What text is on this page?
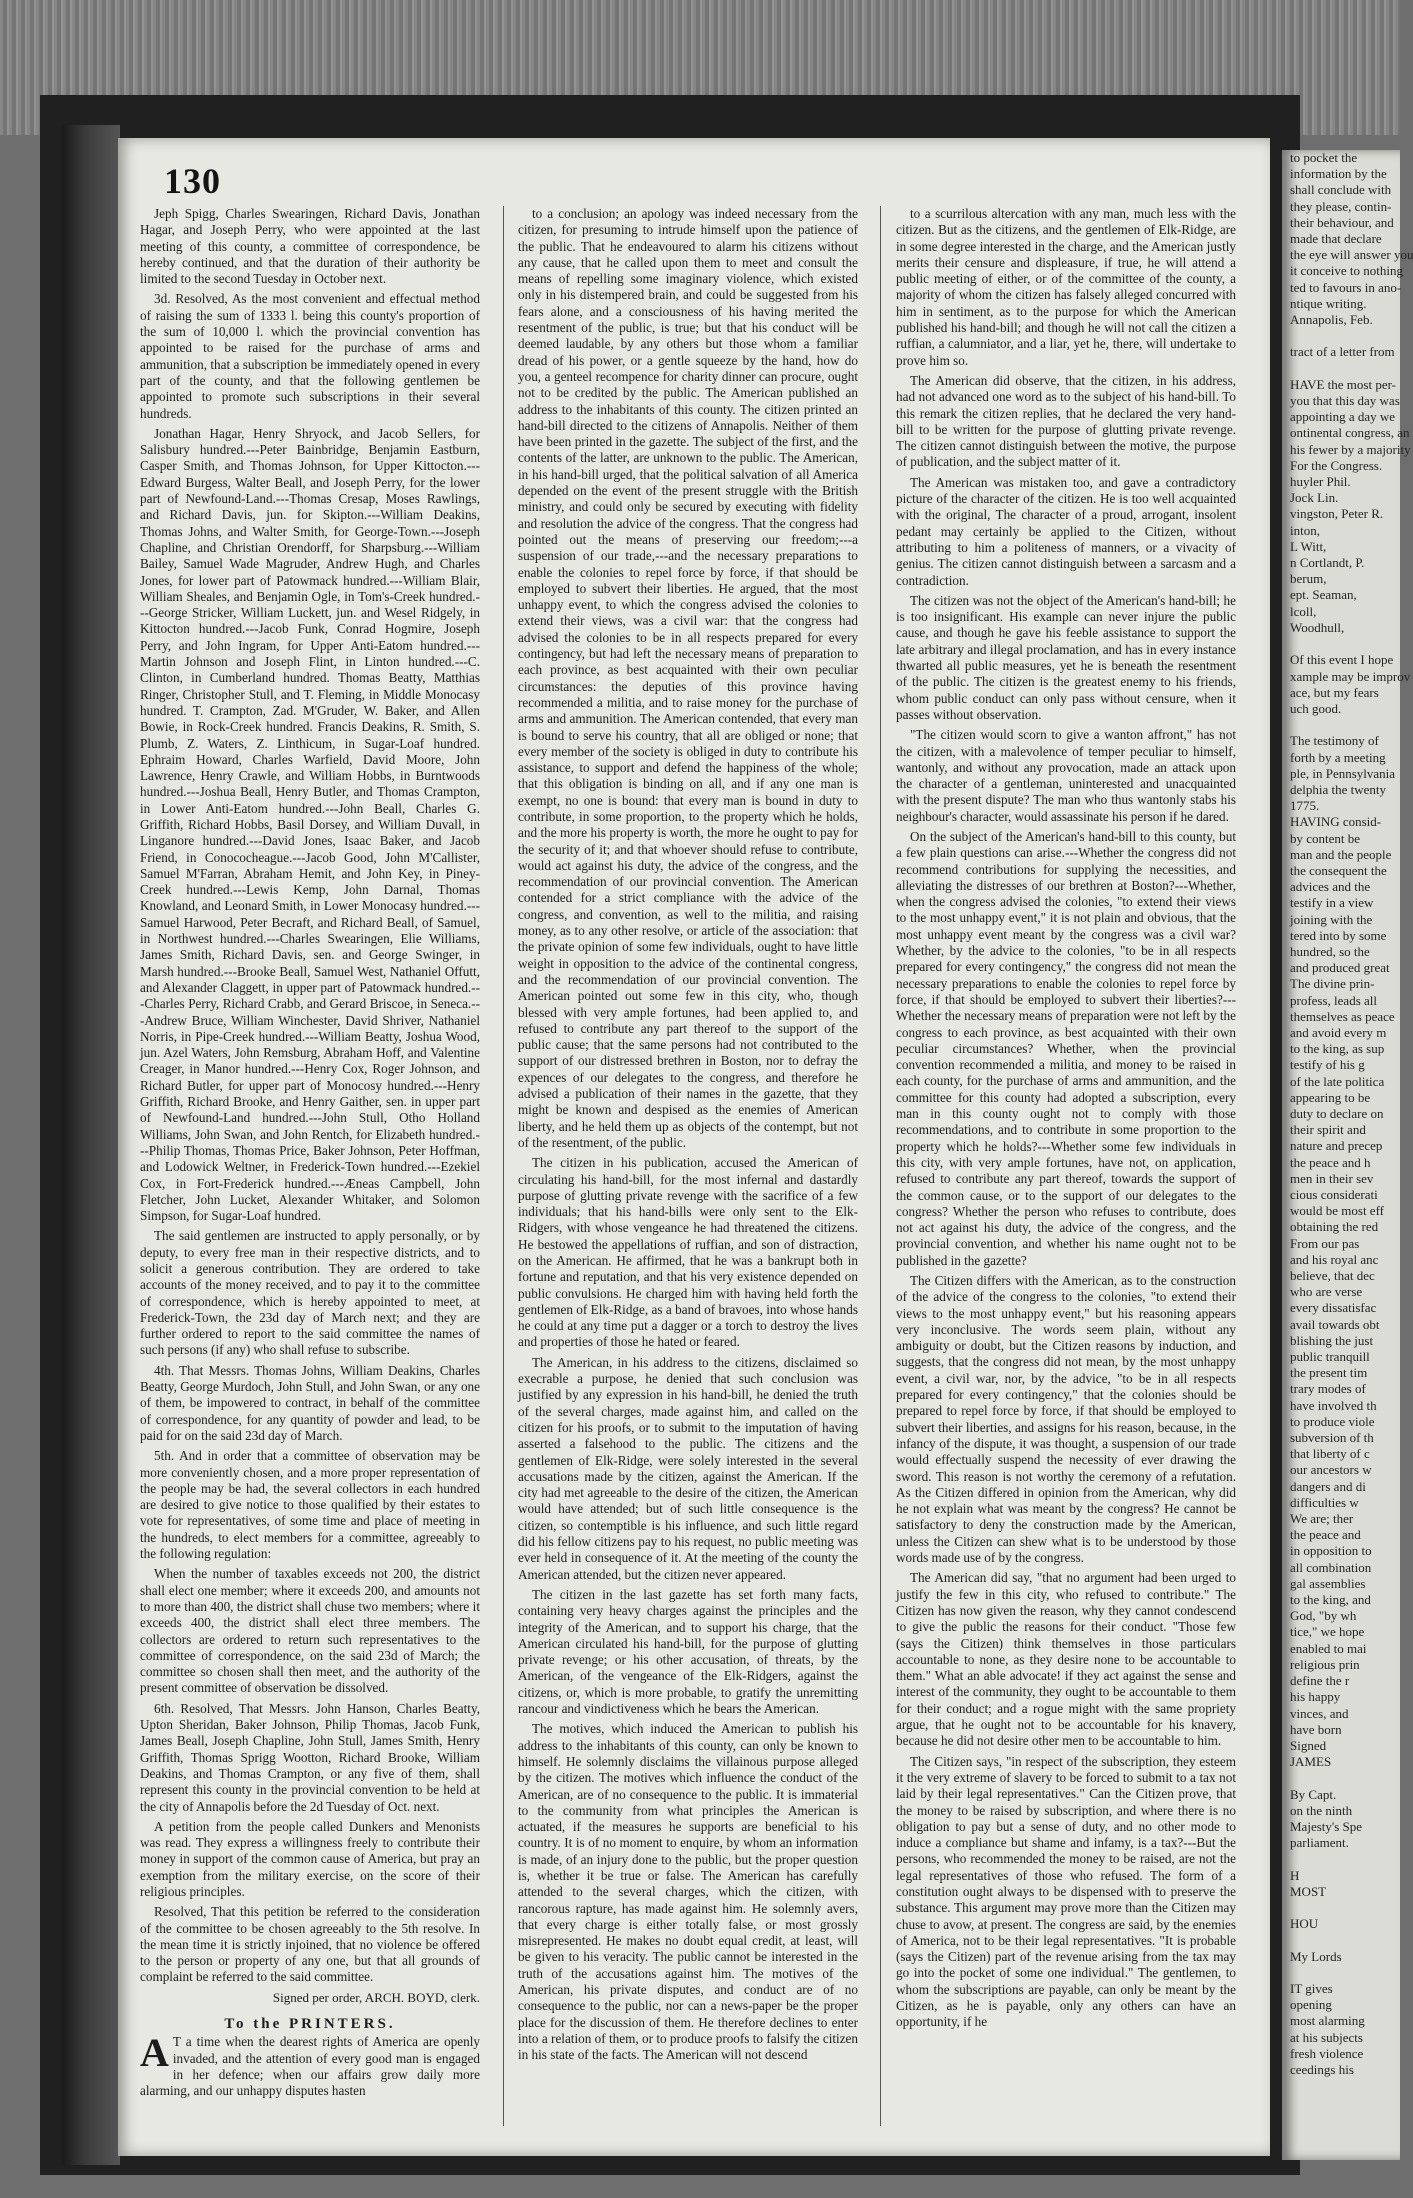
130

Jeph Spigg, Charles Swearingen, Richard Davis, Jonathan Hagar, and Joseph Perry, who were appointed at the last meeting of this county, a committee of correspondence, be hereby continued, and that the duration of their authority be limited to the second Tuesday in October next.

3d. Resolved, As the most convenient and effectual method of raising the sum of 1333 l. being this county's proportion of the sum of 10,000 l. which the provincial convention has appointed to be raised for the purchase of arms and ammunition, that a subscription be immediately opened in every part of the county, and that the following gentlemen be appointed to promote such subscriptions in their several hundreds.

Jonathan Hagar, Henry Shryock, and Jacob Sellers, for Salisbury hundred.---Peter Bainbridge, Benjamin Eastburn, Casper Smith, and Thomas Johnson, for Upper Kittocton.---Edward Burgess, Walter Beall, and Joseph Perry, for the lower part of Newfound-Land.---Thomas Cresap, Moses Rawlings, and Richard Davis, jun. for Skipton.---William Deakins, Thomas Johns, and Walter Smith, for George-Town.---Joseph Chapline, and Christian Orendorff, for Sharpsburg.---William Bailey, Samuel Wade Magruder, Andrew Hugh, and Charles Jones, for lower part of Patowmack hundred.---William Blair, William Sheales, and Benjamin Ogle, in Tom's-Creek hundred.---George Stricker, William Luckett, jun. and Wesel Ridgely, in Kittocton hundred.---Jacob Funk, Conrad Hogmire, Joseph Perry, and John Ingram, for Upper Anti-Eatom hundred.---Martin Johnson and Joseph Flint, in Linton hundred.---C. Clinton, in Cumberland hundred. Thomas Beatty, Matthias Ringer, Christopher Stull, and T. Fleming, in Middle Monocasy hundred. T. Crampton, Zad. M'Gruder, W. Baker, and Allen Bowie, in Rock-Creek hundred. Francis Deakins, R. Smith, S. Plumb, Z. Waters, Z. Linthicum, in Sugar-Loaf hundred. Ephraim Howard, Charles Warfield, David Moore, John Lawrence, Henry Crawle, and William Hobbs, in Burntwoods hundred.---Joshua Beall, Henry Butler, and Thomas Crampton, in Lower Anti-Eatom hundred.---John Beall, Charles G. Griffith, Richard Hobbs, Basil Dorsey, and William Duvall, in Linganore hundred.---David Jones, Isaac Baker, and Jacob Friend, in Conococheague.---Jacob Good, John M'Callister, Samuel M'Farran, Abraham Hemit, and John Key, in Piney-Creek hundred.---Lewis Kemp, John Darnal, Thomas Knowland, and Leonard Smith, in Lower Monocasy hundred.---Samuel Harwood, Peter Becraft, and Richard Beall, of Samuel, in Northwest hundred.---Charles Swearingen, Elie Williams, James Smith, Richard Davis, sen. and George Swinger, in Marsh hundred.---Brooke Beall, Samuel West, Nathaniel Offutt, and Alexander Claggett, in upper part of Patowmack hundred.---Charles Perry, Richard Crabb, and Gerard Briscoe, in Seneca.---Andrew Bruce, William Winchester, David Shriver, Nathaniel Norris, in Pipe-Creek hundred.---William Beatty, Joshua Wood, jun. Azel Waters, John Remsburg, Abraham Hoff, and Valentine Creager, in Manor hundred.---Henry Cox, Roger Johnson, and Richard Butler, for upper part of Monocosy hundred.---Henry Griffith, Richard Brooke, and Henry Gaither, sen. in upper part of Newfound-Land hundred.---John Stull, Otho Holland Williams, John Swan, and John Rentch, for Elizabeth hundred.---Philip Thomas, Thomas Price, Baker Johnson, Peter Hoffman, and Lodowick Weltner, in Frederick-Town hundred.---Ezekiel Cox, in Fort-Frederick hundred.---Æneas Campbell, John Fletcher, John Lucket, Alexander Whitaker, and Solomon Simpson, for Sugar-Loaf hundred.

The said gentlemen are instructed to apply personally, or by deputy, to every free man in their respective districts, and to solicit a generous contribution. They are ordered to take accounts of the money received, and to pay it to the committee of correspondence, which is hereby appointed to meet, at Frederick-Town, the 23d day of March next; and they are further ordered to report to the said committee the names of such persons (if any) who shall refuse to subscribe.

4th. That Messrs. Thomas Johns, William Deakins, Charles Beatty, George Murdoch, John Stull, and John Swan, or any one of them, be impowered to contract, in behalf of the committee of correspondence, for any quantity of powder and lead, to be paid for on the said 23d day of March.

5th. And in order that a committee of observation may be more conveniently chosen, and a more proper representation of the people may be had, the several collectors in each hundred are desired to give notice to those qualified by their estates to vote for representatives, of some time and place of meeting in the hundreds, to elect members for a committee, agreeably to the following regulation:

When the number of taxables exceeds not 200, the district shall elect one member; where it exceeds 200, and amounts not to more than 400, the district shall chuse two members; where it exceeds 400, the district shall elect three members. The collectors are ordered to return such representatives to the committee of correspondence, on the said 23d of March; the committee so chosen shall then meet, and the authority of the present committee of observation be dissolved.

6th. Resolved, That Messrs. John Hanson, Charles Beatty, Upton Sheridan, Baker Johnson, Philip Thomas, Jacob Funk, James Beall, Joseph Chapline, John Stull, James Smith, Henry Griffith, Thomas Sprigg Wootton, Richard Brooke, William Deakins, and Thomas Crampton, or any five of them, shall represent this county in the provincial convention to be held at the city of Annapolis before the 2d Tuesday of Oct. next.

A petition from the people called Dunkers and Menonists was read. They express a willingness freely to contribute their money in support of the common cause of America, but pray an exemption from the military exercise, on the score of their religious principles.

Resolved, That this petition be referred to the consideration of the committee to be chosen agreeably to the 5th resolve. In the mean time it is strictly injoined, that no violence be offered to the person or property of any one, but that all grounds of complaint be referred to the said committee.

Signed per order, ARCH. BOYD, clerk.
To the PRINTERS.

A T a time when the dearest rights of America are openly invaded, and the attention of every good man is engaged in her defence; when our affairs grow daily more alarming, and our unhappy disputes hasten

to a conclusion; an apology was indeed necessary from the citizen, for presuming to intrude himself upon the patience of the public. That he endeavoured to alarm his citizens without any cause, that he called upon them to meet and consult the means of repelling some imaginary violence, which existed only in his distempered brain, and could be suggested from his fears alone, and a consciousness of his having merited the resentment of the public, is true; but that his conduct will be deemed laudable, by any others but those whom a familiar dread of his power, or a gentle squeeze by the hand, how do you, a genteel recompence for charity dinner can procure, ought not to be credited by the public. The American published an address to the inhabitants of this county. The citizen printed an hand-bill directed to the citizens of Annapolis. Neither of them have been printed in the gazette. The subject of the first, and the contents of the latter, are unknown to the public. The American, in his hand-bill urged, that the political salvation of all America depended on the event of the present struggle with the British ministry, and could only be secured by executing with fidelity and resolution the advice of the congress. That the congress had pointed out the means of preserving our freedom;---a suspension of our trade,---and the necessary preparations to enable the colonies to repel force by force, if that should be employed to subvert their liberties. He argued, that the most unhappy event, to which the congress advised the colonies to extend their views, was a civil war: that the congress had advised the colonies to be in all respects prepared for every contingency, but had left the necessary means of preparation to each province, as best acquainted with their own peculiar circumstances: the deputies of this province having recommended a militia, and to raise money for the purchase of arms and ammunition. The American contended, that every man is bound to serve his country, that all are obliged or none; that every member of the society is obliged in duty to contribute his assistance, to support and defend the happiness of the whole; that this obligation is binding on all, and if any one man is exempt, no one is bound: that every man is bound in duty to contribute, in some proportion, to the property which he holds, and the more his property is worth, the more he ought to pay for the security of it; and that whoever should refuse to contribute, would act against his duty, the advice of the congress, and the recommendation of our provincial convention. The American contended for a strict compliance with the advice of the congress, and convention, as well to the militia, and raising money, as to any other resolve, or article of the association: that the private opinion of some few individuals, ought to have little weight in opposition to the advice of the continental congress, and the recommendation of our provincial convention. The American pointed out some few in this city, who, though blessed with very ample fortunes, had been applied to, and refused to contribute any part thereof to the support of the public cause; that the same persons had not contributed to the support of our distressed brethren in Boston, nor to defray the expences of our delegates to the congress, and therefore he advised a publication of their names in the gazette, that they might be known and despised as the enemies of American liberty, and he held them up as objects of the contempt, but not of the resentment, of the public.

The citizen in his publication, accused the American of circulating his hand-bill, for the most infernal and dastardly purpose of glutting private revenge with the sacrifice of a few individuals; that his hand-bills were only sent to the Elk-Ridgers, with whose vengeance he had threatened the citizens. He bestowed the appellations of ruffian, and son of distraction, on the American. He affirmed, that he was a bankrupt both in fortune and reputation, and that his very existence depended on public convulsions. He charged him with having held forth the gentlemen of Elk-Ridge, as a band of bravoes, into whose hands he could at any time put a dagger or a torch to destroy the lives and properties of those he hated or feared.

The American, in his address to the citizens, disclaimed so execrable a purpose, he denied that such conclusion was justified by any expression in his hand-bill, he denied the truth of the several charges, made against him, and called on the citizen for his proofs, or to submit to the imputation of having asserted a falsehood to the public. The citizens and the gentlemen of Elk-Ridge, were solely interested in the several accusations made by the citizen, against the American. If the city had met agreeable to the desire of the citizen, the American would have attended; but of such little consequence is the citizen, so contemptible is his influence, and such little regard did his fellow citizens pay to his request, no public meeting was ever held in consequence of it. At the meeting of the county the American attended, but the citizen never appeared.

The citizen in the last gazette has set forth many facts, containing very heavy charges against the principles and the integrity of the American, and to support his charge, that the American circulated his hand-bill, for the purpose of glutting private revenge; or his other accusation, of threats, by the American, of the vengeance of the Elk-Ridgers, against the citizens, or, which is more probable, to gratify the unremitting rancour and vindictiveness which he bears the American.

The motives, which induced the American to publish his address to the inhabitants of this county, can only be known to himself. He solemnly disclaims the villainous purpose alleged by the citizen. The motives which influence the conduct of the American, are of no consequence to the public. It is immaterial to the community from what principles the American is actuated, if the measures he supports are beneficial to his country. It is of no moment to enquire, by whom an information is made, of an injury done to the public, but the proper question is, whether it be true or false. The American has carefully attended to the several charges, which the citizen, with rancorous rapture, has made against him. He solemnly avers, that every charge is either totally false, or most grossly misrepresented. He makes no doubt equal credit, at least, will be given to his veracity. The public cannot be interested in the truth of the accusations against him. The motives of the American, his private disputes, and conduct are of no consequence to the public, nor can a news-paper be the proper place for the discussion of them. He therefore declines to enter into a relation of them, or to produce proofs to falsify the citizen in his state of the facts. The American will not descend

to a scurrilous altercation with any man, much less with the citizen. But as the citizens, and the gentlemen of Elk-Ridge, are in some degree interested in the charge, and the American justly merits their censure and displeasure, if true, he will attend a public meeting of either, or of the committee of the county, a majority of whom the citizen has falsely alleged concurred with him in sentiment, as to the purpose for which the American published his hand-bill; and though he will not call the citizen a ruffian, a calumniator, and a liar, yet he, there, will undertake to prove him so.

The American did observe, that the citizen, in his address, had not advanced one word as to the subject of his hand-bill. To this remark the citizen replies, that he declared the very hand-bill to be written for the purpose of glutting private revenge. The citizen cannot distinguish between the motive, the purpose of publication, and the subject matter of it.

The American was mistaken too, and gave a contradictory picture of the character of the citizen. He is too well acquainted with the original, The character of a proud, arrogant, insolent pedant may certainly be applied to the Citizen, without attributing to him a politeness of manners, or a vivacity of genius. The citizen cannot distinguish between a sarcasm and a contradiction.

The citizen was not the object of the American's hand-bill; he is too insignificant. His example can never injure the public cause, and though he gave his feeble assistance to support the late arbitrary and illegal proclamation, and has in every instance thwarted all public measures, yet he is beneath the resentment of the public. The citizen is the greatest enemy to his friends, whom public conduct can only pass without censure, when it passes without observation.

"The citizen would scorn to give a wanton affront," has not the citizen, with a malevolence of temper peculiar to himself, wantonly, and without any provocation, made an attack upon the character of a gentleman, uninterested and unacquainted with the present dispute? The man who thus wantonly stabs his neighbour's character, would assassinate his person if he dared.

On the subject of the American's hand-bill to this county, but a few plain questions can arise.---Whether the congress did not recommend contributions for supplying the necessities, and alleviating the distresses of our brethren at Boston?---Whether, when the congress advised the colonies, "to extend their views to the most unhappy event," it is not plain and obvious, that the most unhappy event meant by the congress was a civil war? Whether, by the advice to the colonies, "to be in all respects prepared for every contingency," the congress did not mean the necessary preparations to enable the colonies to repel force by force, if that should be employed to subvert their liberties?---Whether the necessary means of preparation were not left by the congress to each province, as best acquainted with their own peculiar circumstances? Whether, when the provincial convention recommended a militia, and money to be raised in each county, for the purchase of arms and ammunition, and the committee for this county had adopted a subscription, every man in this county ought not to comply with those recommendations, and to contribute in some proportion to the property which he holds?---Whether some few individuals in this city, with very ample fortunes, have not, on application, refused to contribute any part thereof, towards the support of the common cause, or to the support of our delegates to the congress? Whether the person who refuses to contribute, does not act against his duty, the advice of the congress, and the provincial convention, and whether his name ought not to be published in the gazette?

The Citizen differs with the American, as to the construction of the advice of the congress to the colonies, "to extend their views to the most unhappy event," but his reasoning appears very inconclusive. The words seem plain, without any ambiguity or doubt, but the Citizen reasons by induction, and suggests, that the congress did not mean, by the most unhappy event, a civil war, nor, by the advice, "to be in all respects prepared for every contingency," that the colonies should be prepared to repel force by force, if that should be employed to subvert their liberties, and assigns for his reason, because, in the infancy of the dispute, it was thought, a suspension of our trade would effectually suspend the necessity of ever drawing the sword. This reason is not worthy the ceremony of a refutation. As the Citizen differed in opinion from the American, why did he not explain what was meant by the congress? He cannot be satisfactory to deny the construction made by the American, unless the Citizen can shew what is to be understood by those words made use of by the congress.

The American did say, "that no argument had been urged to justify the few in this city, who refused to contribute." The Citizen has now given the reason, why they cannot condescend to give the public the reasons for their conduct. "Those few (says the Citizen) think themselves in those particulars accountable to none, as they desire none to be accountable to them." What an able advocate! if they act against the sense and interest of the community, they ought to be accountable to them for their conduct; and a rogue might with the same propriety argue, that he ought not to be accountable for his knavery, because he did not desire other men to be accountable to him.

The Citizen says, "in respect of the subscription, they esteem it the very extreme of slavery to be forced to submit to a tax not laid by their legal representatives." Can the Citizen prove, that the money to be raised by subscription, and where there is no obligation to pay but a sense of duty, and no other mode to induce a compliance but shame and infamy, is a tax?---But the persons, who recommended the money to be raised, are not the legal representatives of those who refused. The form of a constitution ought always to be dispensed with to preserve the substance. This argument may prove more than the Citizen may chuse to avow, at present. The congress are said, by the enemies of America, not to be their legal representatives. "It is probable (says the Citizen) part of the revenue arising from the tax may go into the pocket of some one individual." The gentlemen, to whom the subscriptions are payable, can only be meant by the Citizen, as he is payable, only any others can have an opportunity, if he

to pocket the
information by the
shall conclude with
they please, contin-
their behaviour, and
made that declare
the eye will answer you
it conceive to nothing
ted to favours in ano-
ntique writing.
Annapolis, Feb.

tract of a letter from

HAVE the most per-
you that this day was
appointing a day we
ontinental congress, an
his fewer by a majority
For the Congress.
huyler Phil.
Jock Lin.
vingston, Peter R.
inton,
L Witt,
n Cortlandt, P.
berum,
ept. Seaman,
lcoll,
Woodhull,

Of this event I hope
xample may be improv
ace, but my fears
uch good.

The testimony of
forth by a meeting
ple, in Pennsylvania
delphia the twenty
1775.
HAVING consid-
by content be
man and the people
the consequent the
advices and the
testify in a view
joining with the
tered into by some
hundred, so the
and produced great
The divine prin-
profess, leads all
themselves as peace
and avoid every m
to the king, as sup
testify of his g
of the late politica
appearing to be
duty to declare on
their spirit and
nature and precep
the peace and h
men in their sev
cious considerati
would be most eff
obtaining the red
From our pas
and his royal anc
believe, that dec
who are verse
every dissatisfac
avail towards obt
blishing the just
public tranquill
the present tim
trary modes of
have involved th
to produce viole
subversion of th
that liberty of c
our ancestors w
dangers and di
difficulties w
We are; ther
the peace and
in opposition to
all combination
gal assemblies
to the king, and
God, "by wh
tice," we hope
enabled to mai
religious prin
define the r
his happy
vinces, and
have born
Signed
JAMES

By Capt.
on the ninth
Majesty's Spe
parliament.

H
MOST

HOU

My Lords

IT gives
opening
most alarming
at his subjects
fresh violence
ceedings his
